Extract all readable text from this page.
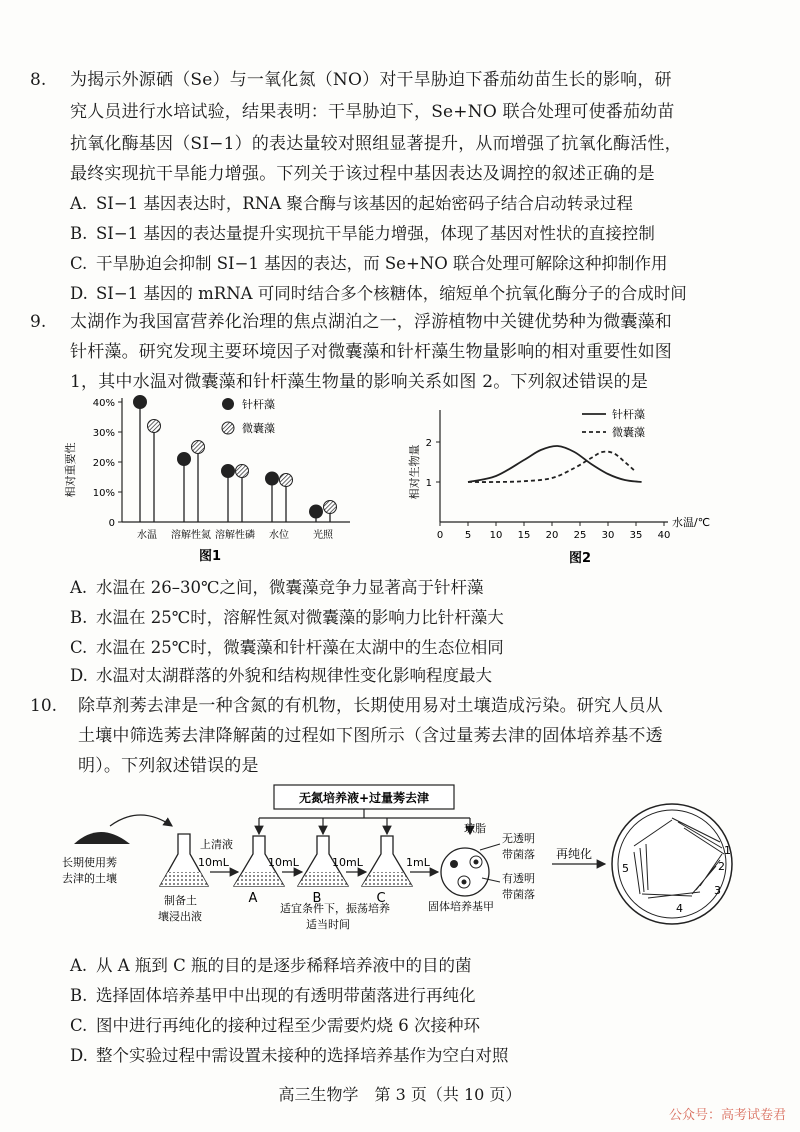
8. 为揭示外源硒（Se）与一氧化氮（NO）对干旱胁迫下番茄幼苗生长的影响，研
究人员进行水培试验，结果表明：干旱胁迫下，Se+NO 联合处理可使番茄幼苗
抗氧化酶基因（SI−1）的表达量较对照组显著提升，从而增强了抗氧化酶活性，
最终实现抗干旱能力增强。下列关于该过程中基因表达及调控的叙述正确的是
A. SI−1 基因表达时，RNA 聚合酶与该基因的起始密码子结合启动转录过程
B. SI−1 基因的表达量提升实现抗干旱能力增强，体现了基因对性状的直接控制
C. 干旱胁迫会抑制 SI−1 基因的表达，而 Se+NO 联合处理可解除这种抑制作用
D. SI−1 基因的 mRNA 可同时结合多个核糖体，缩短单个抗氧化酶分子的合成时间
9. 太湖作为我国富营养化治理的焦点湖泊之一，浮游植物中关键优势种为微囊藻和
针杆藻。研究发现主要环境因子对微囊藻和针杆藻生物量影响的相对重要性如图
1，其中水温对微囊藻和针杆藻生物量的影响关系如图 2。下列叙述错误的是
相对重要性
40%
30%
20%
10%
0
水温 溶解性氮 溶解性磷 水位 光照
针杆藻
微囊藻
图1
相对生物量
0 5 10 15 20 25 30 35 40
1
2
针杆藻
微囊藻
水温/℃
图2
A. 水温在 26–30℃之间，微囊藻竞争力显著高于针杆藻
B. 水温在 25℃时，溶解性氮对微囊藻的影响力比针杆藻大
C. 水温在 25℃时，微囊藻和针杆藻在太湖中的生态位相同
D. 水温对太湖群落的外貌和结构规律性变化影响程度最大
10. 除草剂莠去津是一种含氮的有机物，长期使用易对土壤造成污染。研究人员从
土壤中筛选莠去津降解菌的过程如下图所示（含过量莠去津的固体培养基不透
明）。下列叙述错误的是
无氮培养液+过量莠去津
长期使用莠
去津的土壤
制备土
壤浸出液
上清液
10mL
A
10mL
B
10mL
C
1mL
适宜条件下，振荡培养
适当时间
琼脂
无透明
带菌落
有透明
带菌落
固体培养基甲
再纯化	1
2
3
4
5
A. 从 A 瓶到 C 瓶的目的是逐步稀释培养液中的目的菌
B. 选择固体培养基甲中出现的有透明带菌落进行再纯化
C. 图中进行再纯化的接种过程至少需要灼烧 6 次接种环
D. 整个实验过程中需设置未接种的选择培养基作为空白对照
高三生物学　第 3 页（共 10 页）
公众号：高考试卷君
